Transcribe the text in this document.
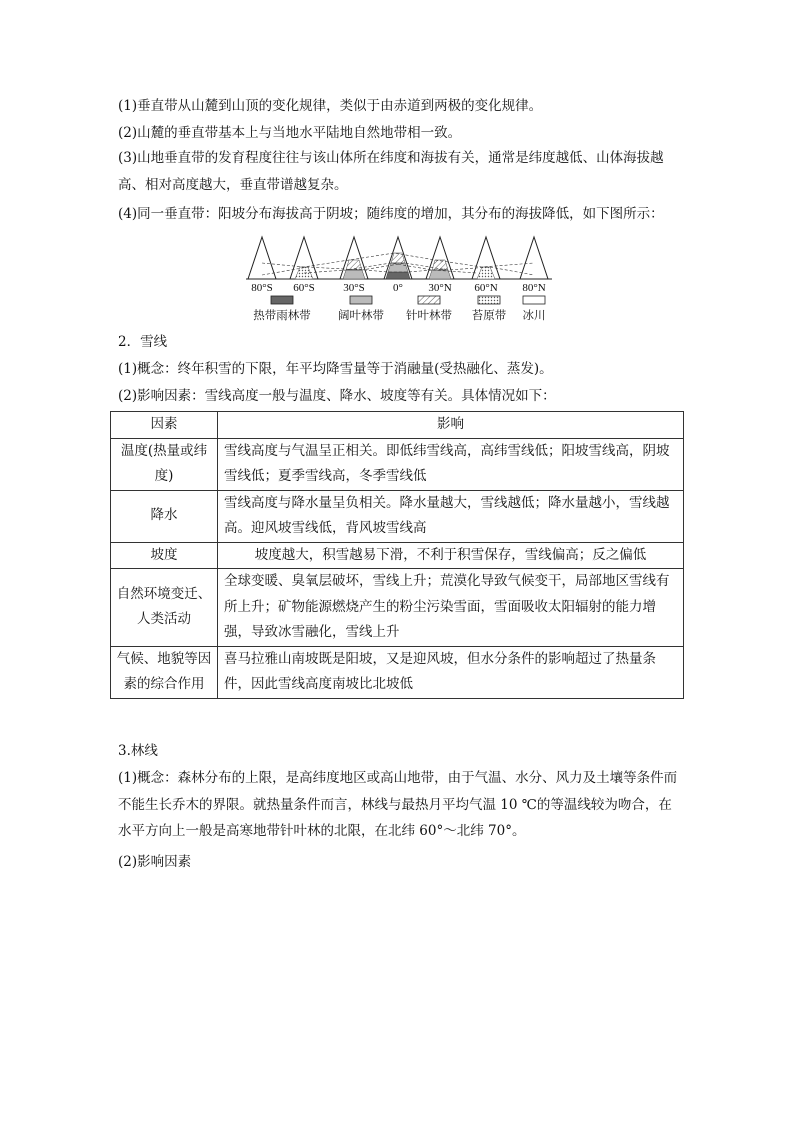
(1)垂直带从山麓到山顶的变化规律，类似于由赤道到两极的变化规律。
(2)山麓的垂直带基本上与当地水平陆地自然地带相一致。
(3)山地垂直带的发育程度往往与该山体所在纬度和海拔有关，通常是纬度越低、山体海拔越高、相对高度越大，垂直带谱越复杂。
(4)同一垂直带：阳坡分布海拔高于阴坡；随纬度的增加，其分布的海拔降低，如下图所示：
80°S 60°S	30°S	0° 30°N 60°N 80°N
热带雨林带 阔叶林带 针叶林带 苔原带 冰川
2．雪线
(1)概念：终年积雪的下限，年平均降雪量等于消融量(受热融化、蒸发)。
(2)影响因素：雪线高度一般与温度、降水、坡度等有关。具体情况如下：
因素	影响
温度(热量或纬度)	雪线高度与气温呈正相关。即低纬雪线高，高纬雪线低；阳坡雪线高，阴坡雪线低；夏季雪线高，冬季雪线低
降水	雪线高度与降水量呈负相关。降水量越大，雪线越低；降水量越小，雪线越高。迎风坡雪线低，背风坡雪线高
坡度	坡度越大，积雪越易下滑，不利于积雪保存，雪线偏高；反之偏低
自然环境变迁、人类活动	全球变暖、臭氧层破坏，雪线上升；荒漠化导致气候变干，局部地区雪线有所上升；矿物能源燃烧产生的粉尘污染雪面，雪面吸收太阳辐射的能力增强，导致冰雪融化，雪线上升
气候、地貌等因素的综合作用	喜马拉雅山南坡既是阳坡，又是迎风坡，但水分条件的影响超过了热量条件，因此雪线高度南坡比北坡低
3.林线
(1)概念：森林分布的上限，是高纬度地区或高山地带，由于气温、水分、风力及土壤等条件而不能生长乔木的界限。就热量条件而言，林线与最热月平均气温 10 ℃的等温线较为吻合，在水平方向上一般是高寒地带针叶林的北限，在北纬 60°～北纬 70°。
(2)影响因素
